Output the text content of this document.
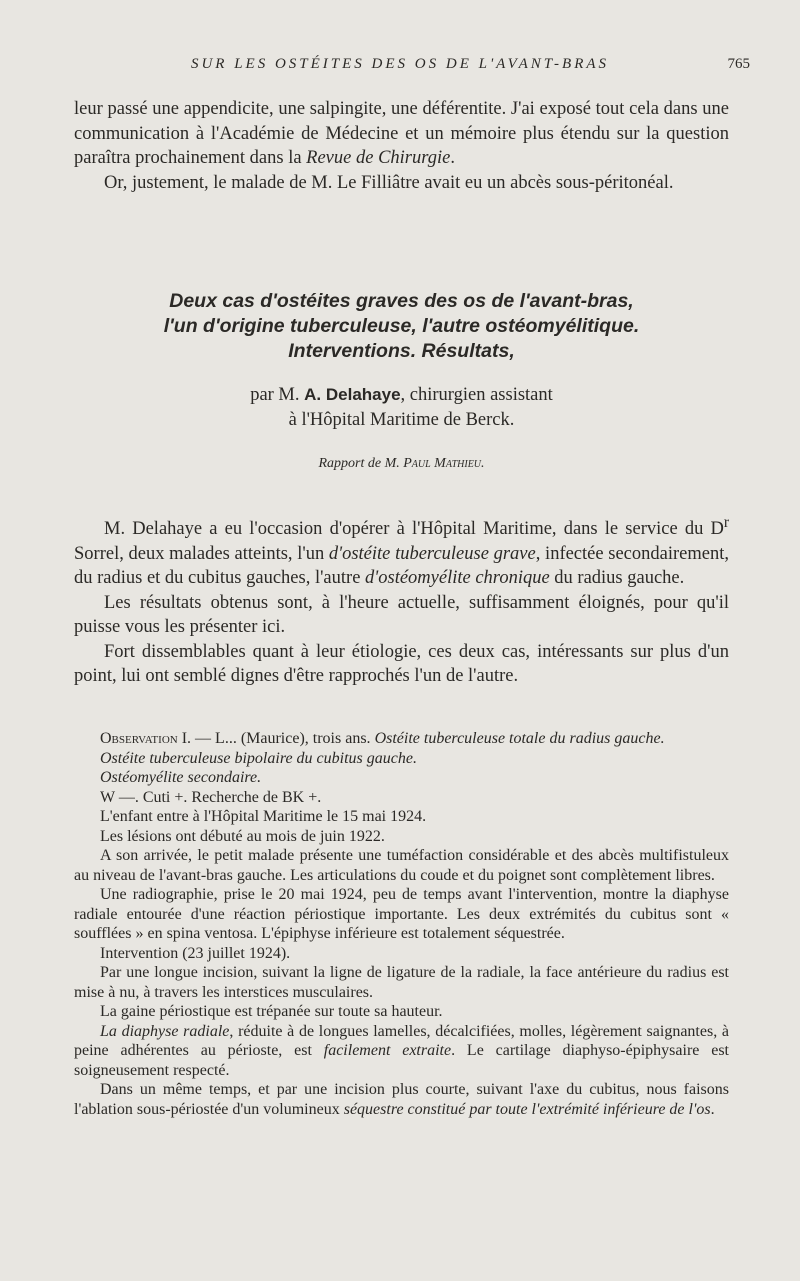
SUR LES OSTÉITES DES OS DE L'AVANT-BRAS	765

leur passé une appendicite, une salpingite, une déférentite. J'ai exposé tout cela dans une communication à l'Académie de Médecine et un mémoire plus étendu sur la question paraîtra prochainement dans la Revue de Chirurgie.

Or, justement, le malade de M. Le Filliâtre avait eu un abcès sous-péritonéal.

Deux cas d'ostéites graves des os de l'avant-bras,
l'un d'origine tuberculeuse, l'autre ostéomyélitique.
Interventions. Résultats,
par M. A. Delahaye, chirurgien assistant
à l'Hôpital Maritime de Berck.
Rapport de M. Paul Mathieu.

M. Delahaye a eu l'occasion d'opérer à l'Hôpital Maritime, dans le service du $D^r$ Sorrel, deux malades atteints, l'un d'ostéite tuberculeuse grave, infectée secondairement, du radius et du cubitus gauches, l'autre d'ostéomyélite chronique du radius gauche.

Les résultats obtenus sont, à l'heure actuelle, suffisamment éloignés, pour qu'il puisse vous les présenter ici.

Fort dissemblables quant à leur étiologie, ces deux cas, intéressants sur plus d'un point, lui ont semblé dignes d'être rapprochés l'un de l'autre.

Observation I. — L... (Maurice), trois ans. Ostéite tuberculeuse totale du radius gauche.

Ostéite tuberculeuse bipolaire du cubitus gauche.

Ostéomyélite secondaire.

W —. Cuti +. Recherche de BK +.

L'enfant entre à l'Hôpital Maritime le 15 mai 1924.

Les lésions ont débuté au mois de juin 1922.

A son arrivée, le petit malade présente une tuméfaction considérable et des abcès multifistuleux au niveau de l'avant-bras gauche. Les articulations du coude et du poignet sont complètement libres.

Une radiographie, prise le 20 mai 1924, peu de temps avant l'intervention, montre la diaphyse radiale entourée d'une réaction périostique importante. Les deux extrémités du cubitus sont « soufflées » en spina ventosa. L'épiphyse inférieure est totalement séquestrée.

Intervention (23 juillet 1924).

Par une longue incision, suivant la ligne de ligature de la radiale, la face antérieure du radius est mise à nu, à travers les interstices musculaires.

La gaine périostique est trépanée sur toute sa hauteur.

La diaphyse radiale, réduite à de longues lamelles, décalcifiées, molles, légèrement saignantes, à peine adhérentes au périoste, est facilement extraite. Le cartilage diaphyso-épiphysaire est soigneusement respecté.

Dans un même temps, et par une incision plus courte, suivant l'axe du cubitus, nous faisons l'ablation sous-périostée d'un volumineux séquestre constitué par toute l'extrémité inférieure de l'os.
